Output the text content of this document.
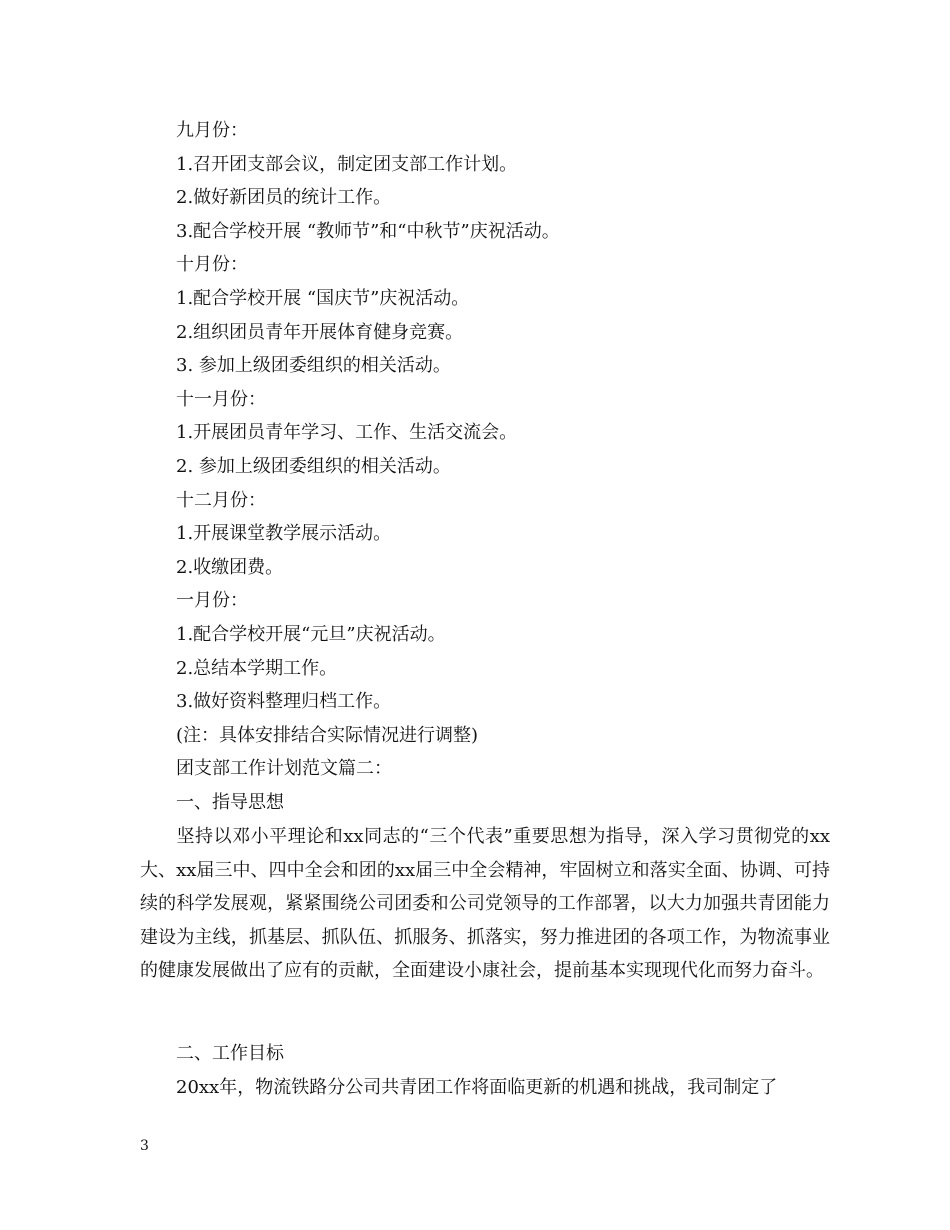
九月份：
1.召开团支部会议，制定团支部工作计划。
2.做好新团员的统计工作。
3.配合学校开展 “教师节”和“中秋节”庆祝活动。
十月份：
1.配合学校开展 “国庆节”庆祝活动。
2.组织团员青年开展体育健身竞赛。
3. 参加上级团委组织的相关活动。
十一月份：
1.开展团员青年学习、工作、生活交流会。
2. 参加上级团委组织的相关活动。
十二月份：
1.开展课堂教学展示活动。
2.收缴团费。
一月份：
1.配合学校开展“元旦”庆祝活动。
2.总结本学期工作。
3.做好资料整理归档工作。
(注：具体安排结合实际情况进行调整)
团支部工作计划范文篇二：
一、指导思想
坚持以邓小平理论和xx同志的“三个代表”重要思想为指导，深入学习贯彻党的xx大、xx届三中、四中全会和团的xx届三中全会精神，牢固树立和落实全面、协调、可持续的科学发展观，紧紧围绕公司团委和公司党领导的工作部署，以大力加强共青团能力建设为主线，抓基层、抓队伍、抓服务、抓落实，努力推进团的各项工作，为物流事业的健康发展做出了应有的贡献，全面建设小康社会，提前基本实现现代化而努力奋斗。
二、工作目标
20xx年，物流铁路分公司共青团工作将面临更新的机遇和挑战，我司制定了
3
